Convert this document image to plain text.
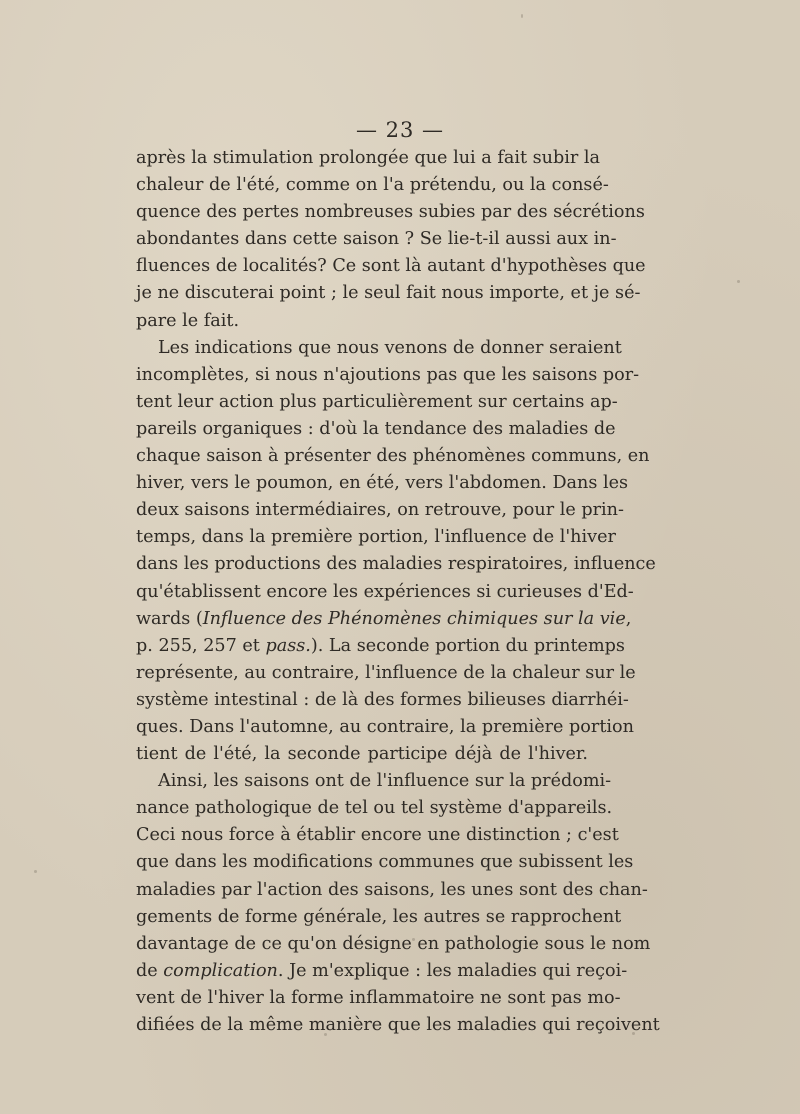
— 23 —
après la stimulation prolongée que lui a fait subir la
chaleur de l'été, comme on l'a prétendu, ou la consé-
quence des pertes nombreuses subies par des sécrétions
abondantes dans cette saison ? Se lie-t-il aussi aux in-
fluences de localités? Ce sont là autant d'hypothèses que
je ne discuterai point ; le seul fait nous importe, et je sé-
pare le fait.
Les indications que nous venons de donner seraient
incomplètes, si nous n'ajoutions pas que les saisons por-
tent leur action plus particulièrement sur certains ap-
pareils organiques : d'où la tendance des maladies de
chaque saison à présenter des phénomènes communs, en
hiver, vers le poumon, en été, vers l'abdomen. Dans les
deux saisons intermédiaires, on retrouve, pour le prin-
temps, dans la première portion, l'influence de l'hiver
dans les productions des maladies respiratoires, influence
qu'établissent encore les expériences si curieuses d'Ed-
wards (Influence des Phénomènes chimiques sur la vie,
p. 255, 257 et pass.). La seconde portion du printemps
représente, au contraire, l'influence de la chaleur sur le
système intestinal : de là des formes bilieuses diarrhéi-
ques. Dans l'automne, au contraire, la première portion
tient de l'été, la seconde participe déjà de l'hiver.
Ainsi, les saisons ont de l'influence sur la prédomi-
nance pathologique de tel ou tel système d'appareils.
Ceci nous force à établir encore une distinction ; c'est
que dans les modifications communes que subissent les
maladies par l'action des saisons, les unes sont des chan-
gements de forme générale, les autres se rapprochent
davantage de ce qu'on désigne en pathologie sous le nom
de complication. Je m'explique : les maladies qui reçoi-
vent de l'hiver la forme inflammatoire ne sont pas mo-
difiées de la même manière que les maladies qui reçoivent
